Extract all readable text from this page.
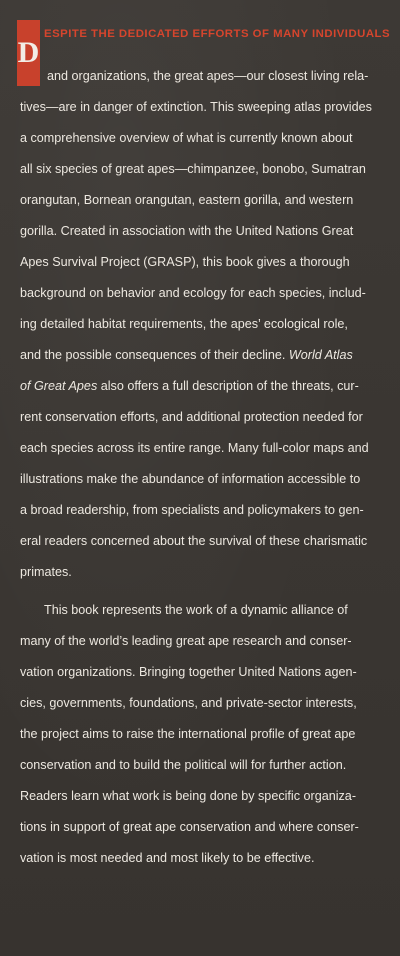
D
ESPITE THE DEDICATED EFFORTS OF MANY INDIVIDUALS
and organizations, the great apes—our closest living rela-
tives—are in danger of extinction. This sweeping atlas provides
a comprehensive overview of what is currently known about
all six species of great apes—chimpanzee, bonobo, Sumatran
orangutan, Bornean orangutan, eastern gorilla, and western
gorilla. Created in association with the United Nations Great
Apes Survival Project (GRASP), this book gives a thorough
background on behavior and ecology for each species, includ-
ing detailed habitat requirements, the apes’ ecological role,
and the possible consequences of their decline. World Atlas
of Great Apes also offers a full description of the threats, cur-
rent conservation efforts, and additional protection needed for
each species across its entire range. Many full-color maps and
illustrations make the abundance of information accessible to
a broad readership, from specialists and policymakers to gen-
eral readers concerned about the survival of these charismatic
primates.
This book represents the work of a dynamic alliance of
many of the world’s leading great ape research and conser-
vation organizations. Bringing together United Nations agen-
cies, governments, foundations, and private-sector interests,
the project aims to raise the international profile of great ape
conservation and to build the political will for further action.
Readers learn what work is being done by specific organiza-
tions in support of great ape conservation and where conser-
vation is most needed and most likely to be effective.
